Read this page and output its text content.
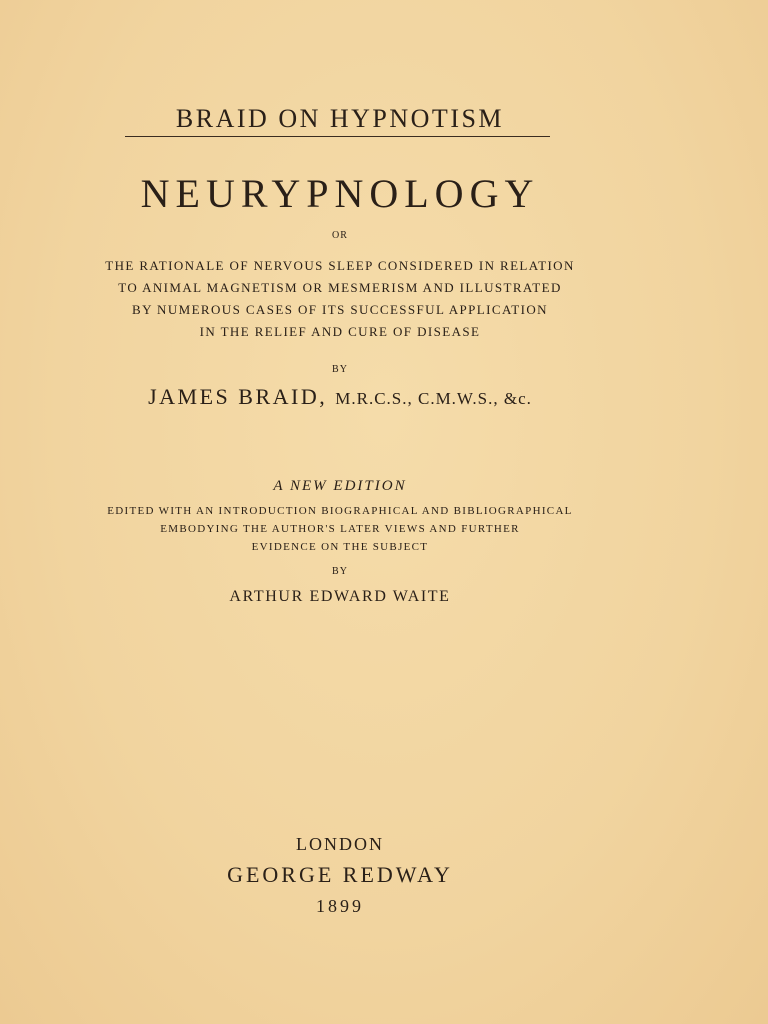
BRAID ON HYPNOTISM
NEURYPNOLOGY
OR
THE RATIONALE OF NERVOUS SLEEP CONSIDERED IN RELATION
TO ANIMAL MAGNETISM OR MESMERISM AND ILLUSTRATED
BY NUMEROUS CASES OF ITS SUCCESSFUL APPLICATION
IN THE RELIEF AND CURE OF DISEASE
BY
JAMES BRAID, M.R.C.S., C.M.W.S., &c.
A NEW EDITION
EDITED WITH AN INTRODUCTION BIOGRAPHICAL AND BIBLIOGRAPHICAL
EMBODYING THE AUTHOR'S LATER VIEWS AND FURTHER
EVIDENCE ON THE SUBJECT
BY
ARTHUR EDWARD WAITE
LONDON
GEORGE REDWAY
1899
